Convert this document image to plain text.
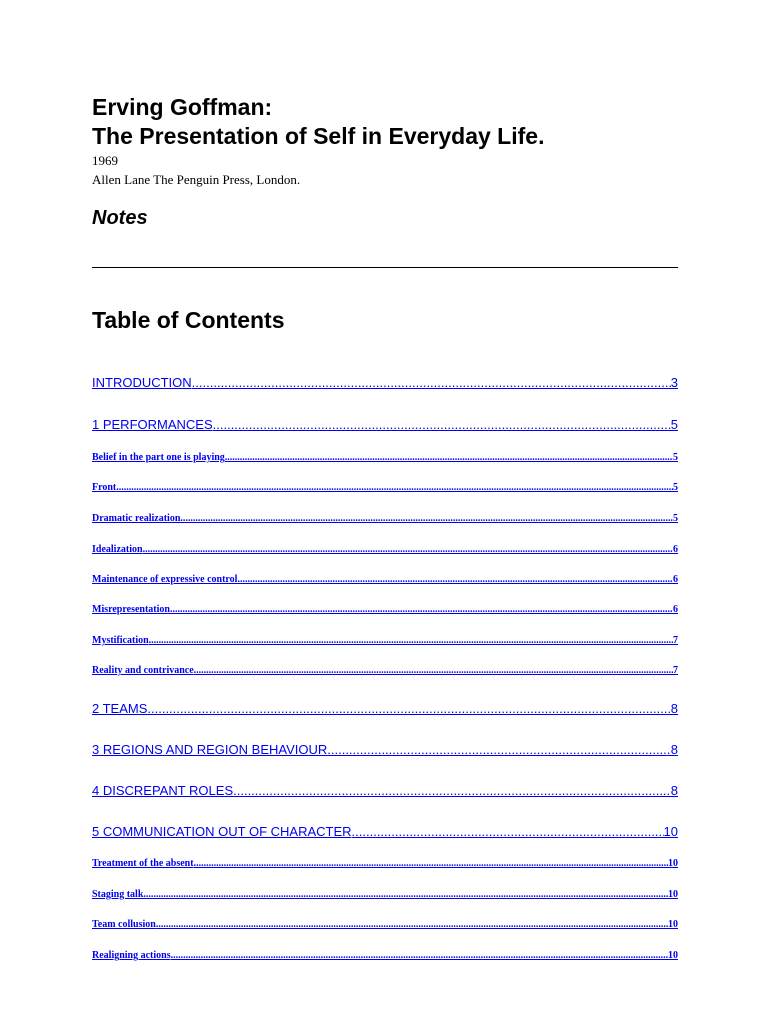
Erving Goffman:
The Presentation of Self in Everyday Life.
1969
Allen Lane The Penguin Press, London.
Notes
Table of Contents
INTRODUCTION .....	3
1 PERFORMANCES .....	5
Belief in the part one is playing .....	5
Front .....	5
Dramatic realization .....	5
Idealization .....	6
Maintenance of expressive control .....	6
Misrepresentation .....	6
Mystification .....	7
Reality and contrivance .....	7
2 TEAMS .....	8
3 REGIONS AND REGION BEHAVIOUR .....	8
4 DISCREPANT ROLES .....	8
5 COMMUNICATION OUT OF CHARACTER .....	10
Treatment of the absent .....	10
Staging talk .....	10
Team collusion .....	10
Realigning actions .....	10
